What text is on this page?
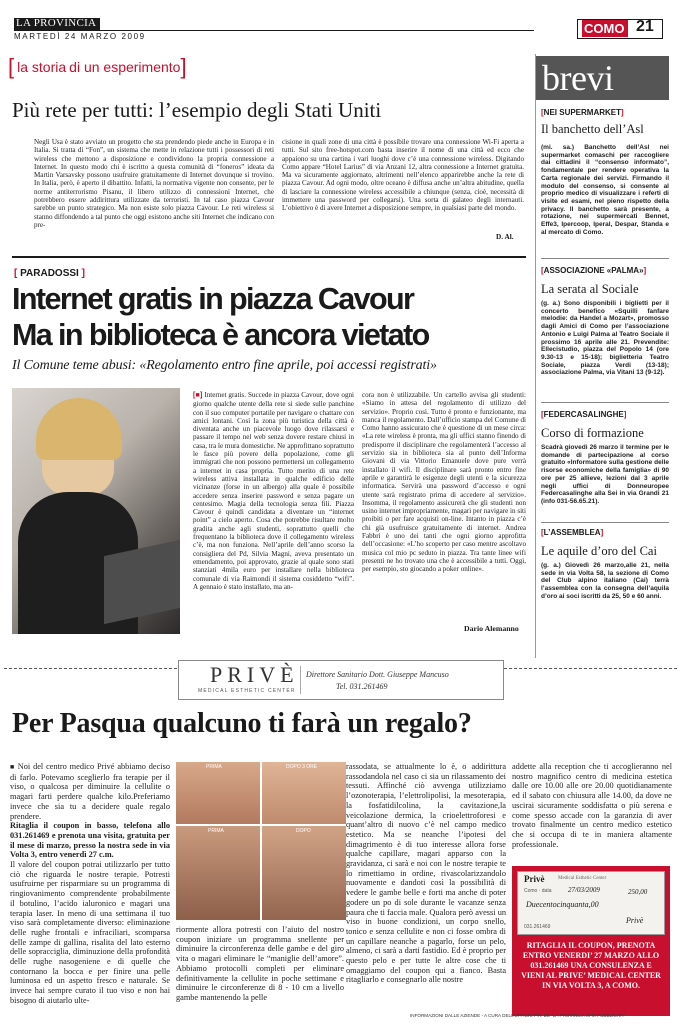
LA PROVINCIA
MARTEDÌ 24 MARZO 2009
COMO 21
[ la storia di un esperimento ]
Più rete per tutti: l’esempio degli Stati Uniti
Negli Usa è stato avviato un progetto che sta prendendo piede anche in Europa e in Italia. Si tratta di “Fon”, un sistema che mette in relazione tutti i possessori di reti wireless che mettono a disposizione e condividono la propria connessione a Internet. In questo modo chi è iscritto a questa comunità di “foneros” ideata da Martin Varsavsky possono usufruire gratuitamente di Internet dovunque si trovino. In Italia, però, è aperto il dibattito. Infatti, la normativa vigente non consente, per le norme antiterrorismo Pisanu, il libero utilizzo di connessioni Internet, che potrebbero essere addirittura utilizzate da terroristi. In tal caso piazza Cavour sarebbe un punto strategico. Ma non esiste solo piazza Cavour. Le reti wireless si stanno diffondendo a tal punto che oggi esistono anche siti Internet che indicano con pre-
cisione in quali zone di una città è possibile trovare una connessione Wi-Fi aperta a tutti. Sul sito free-hotspot.com basta inserire il nome di una città ed ecco che appaiono su una cartina i vari luoghi dove c’è una connessione wireless. Digitando Como appare “Hotel Larius” di via Anzani 12, altra connessione a Internet gratuita. Ma va sicuramente aggiornato, altrimenti nell’elenco apparirebbe anche la rete di piazza Cavour. Ad ogni modo, oltre oceano è diffusa anche un’altra abitudine, quella di lasciare la connessione wireless accessibile a chiunque (senza, cioè, necessità di immettere una password per collegarsi). Una sorta di galateo degli internauti. L’obiettivo è di avere Internet a disposizione sempre, in qualsiasi parte del mondo.
D. Al.
[ PARADOSSI ]
Internet gratis in piazza Cavour
Ma in biblioteca è ancora vietato
Il Comune teme abusi: «Regolamento entro fine aprile, poi accessi registrati»
[■] Internet gratis. Succede in piazza Cavour, dove ogni giorno qualche utente della rete si siede sulle panchine con il suo computer portatile per navigare o chattare con amici lontani. Così la zona più turistica della città è diventata anche un piacevole luogo dove rilassarsi e passare il tempo nel web senza dovere restare chiusi in casa, tra le mura domestiche. Ne approfittano soprattutto le fasce più povere della popolazione, come gli immigrati che non possono permettersi un collegamento a internet in casa propria. Tutto merito di una rete wireless attiva installata in qualche edificio delle vicinanze (forse in un albergo) alla quale è possibile accedere senza inserire password e senza pagare un centesimo. Magia della tecnologia senza fili. Piazza Cavour è quindi candidata a diventare un “internet point” a cielo aperto. Cosa che potrebbe risultare molto gradita anche agli studenti, soprattutto quelli che frequentano la biblioteca dove il collegamento wireless c’è, ma non funziona. Nell’aprile dell’anno scorso la consigliera del Pd, Silvia Magni, aveva presentato un emendamento, poi approvato, grazie al quale sono stati stanziati 4mila euro per installare nella biblioteca comunale di via Raimondi il sistema cosiddetto “wifi”. A gennaio è stato installato, ma an-
cora non è utilizzabile. Un cartello avvisa gli studenti: «Siamo in attesa del regolamento di utilizzo del servizio». Proprio così. Tutto è pronto e funzionante, ma manca il regolamento. Dall’ufficio stampa del Comune di Como hanno assicurato che è questione di un mese circa: «La rete wireless è pronta, ma gli uffici stanno finendo di predisporre il disciplinare che regolamenterà l’accesso al servizio sia in biblioteca sia al punto dell’Informa Giovani di via Vittorio Emanuele dove pure verrà installato il wifi. Il disciplinare sarà pronto entro fine aprile e garantirà le esigenze degli utenti e la sicurezza informatica. Servirà una password d’accesso e ogni utente sarà registrato prima di accedere al servizio». Insomma, il regolamento assicurerà che gli studenti non usino internet impropriamente, magari per navigare in siti proibiti o per fare acquisti on-line. Intanto in piazza c’è chi già usufruisce gratuitamente di internet. Andrea Fabbri è uno dei tanti che ogni giorno approfitta dell’occasione: «L’ho scoperto per caso mentre ascoltavo musica col mio pc seduto in piazza. Tra tante linee wifi presenti ne ho trovato una che è accessibile a tutti. Oggi, per esempio, sto giocando a poker online».
Dario Alemanno
brevi
[NEI SUPERMARKET]
Il banchetto dell’Asl
(mi. sa.) Banchetto dell’Asl nei supermarket comaschi per raccogliere dai cittadini il “consenso informato”, fondamentale per rendere operativa la Carta regionale dei servizi. Firmando il modulo del consenso, si consente al proprio medico di visualizzare i referti di visite ed esami, nel pieno rispetto della privacy. Il banchetto sarà presente, a rotazione, nei supermercati Bennet, Effe3, Ipercoop, Iperal, Despar, Standa e al mercato di Como.
[ASSOCIAZIONE «PALMA»]
La serata al Sociale
(g. a.) Sono disponibili i biglietti per il concerto benefico «Squilli fanfare melodie: da Handel a Mozart», promosso dagli Amici di Como per l’associazione Antonio e Luigi Palma al Teatro Sociale il prossimo 16 aprile alle 21. Prevendite: Ellecistudio, piazza del Popolo 14 (ore 9.30-13 e 15-18); biglietteria Teatro Sociale, piazza Verdi (13-18); associazione Palma, via Vitani 13 (9-12).
[FEDERCASALINGHE]
Corso di formazione
Scadrà giovedì 26 marzo il termine per le domande di partecipazione al corso gratuito «Informatore sulla gestione delle risorse economiche della famiglia» di 90 ore per 25 allieve, lezioni dal 3 aprile negli uffici di Donneuropee Federcasalinghe alla Sei in via Grandi 21 (info 031-56.65.21).
[L’ASSEMBLEA]
Le aquile d’oro del Cai
(g. a.) Giovedì 26 marzo,alle 21, nella sede in via Volta 58, la sezione di Como del Club alpino italiano (Cai) terrà l’assemblea con la consegna dell’aquila d’oro ai soci iscritti da 25, 50 e 60 anni.
PRIVÈ
MEDICAL ESTHETIC CENTER
Direttore Sanitario Dott. Giuseppe Mancuso
Tel. 031.261469
Per Pasqua qualcuno ti farà un regalo?
■ Noi del centro medico Privé abbiamo deciso di farlo. Potevamo sceglierlo fra terapie per il viso, o qualcosa per diminuire la cellulite o magari farti perdere qualche kilo.Preferiamo invece che sia tu a decidere quale regalo prendere.
Ritaglia il coupon in basso, telefona allo 031.261469 e prenota una visita, gratuita per il mese di marzo, presso la nostra sede in via Volta 3, entro venerdì 27 c.m.
Il valore del coupon potrai utilizzarlo per tutto ciò che riguarda le nostre terapie. Potresti usufruirne per risparmiare su un programma di ringiovanimento comprendente probabilmente il botulino, l’acido ialuronico e magari una terapia laser. In meno di una settimana il tuo viso sarà completamente diverso: eliminazione delle rughe frontali e infraciliari, scomparsa delle zampe di gallina, risalita del lato esterno delle sopracciglia, diminuzione della profondità delle rughe nasogeniene e di quelle che contornano la bocca e per finire una pelle luminosa ed un aspetto fresco e naturale. Se invece hai sempre curato il tuo viso e non hai bisogno di aiutarlo ulte-
PRIMA	DOPO 3 ORE
PRIMA	DOPO
riormente allora potresti con l’aiuto del nostro coupon iniziare un programma snellente per diminuire la circonferenza delle gambe e del giro vita o magari eliminare le “maniglie dell’amore”. Abbiamo protocolli completi per eliminare definitivamente la cellulite in poche settimane e diminuire le circonferenze di 8 - 10 cm a livello gambe mantenendo la pelle
rassodata, se attualmente lo è, o addirittura rassodandola nel caso ci sia un rilassamento dei tessuti. Affinché ciò avvenga utilizziamo l’ozonoterapia, l’elettrolipolisi, la mesoterapia, la fosfatidilcolina, la cavitazione,la veicolazione dermica, la crioelettroforesi e quant’altro di nuovo c’è nel campo medico estetico. Ma se neanche l’ipotesi del dimagrimento è di tuo interesse allora forse qualche capillare, magari apparso con la gravidanza, ci sarà e noi con le nostre terapie te lo rimettiamo in ordine, rivascolarizzandolo nuovamente e dandoti così la possibilità di vedere le gambe belle e forti ma anche di poter godere un po di sole durante le vacanze senza paura che ti faccia male. Qualora però avessi un viso in buone condizioni, un corpo snello, tonico e senza cellulite e non ci fosse ombra di un capillare neanche a pagarlo, forse un pelo, almeno, ci sarà a darti fastidio. Ed è proprio per questo pelo e per tutte le altre cose che ti omaggiamo del coupon qui a fianco. Basta ritagliarlo e consegnarlo alle nostre
addette alla reception che ti accoglieranno nel nostro magnifico centro di medicina estetica dalle ore 10.00 alle ore 20.00 quotidianamente ed il sabato con chiusura alle 14.00, da dove ne uscirai sicuramente soddisfatta o più serena e come spesso accade con la garanzia di aver trovato finalmente un centro medico estetico che si occupa di te in maniera altamente professionale.
Privè	Medical Esthetic Center
Como · data 27/03/2009
Duecentocinquanta,00
250,00
Privè
031.261469
RITAGLIA IL COUPON, PRENOTA ENTRO VENERDI’ 27 MARZO ALLO 031.261469 UNA CONSULENZA E VIENI AL PRIVE’ MEDICAL CENTER IN VIA VOLTA 3, A COMO.
INFORMAZIONI DALLE AZIENDE - A CURA DELL’UFFICIO P.R. DE “LA PROVINCIA SPM PUBBLICITA”
